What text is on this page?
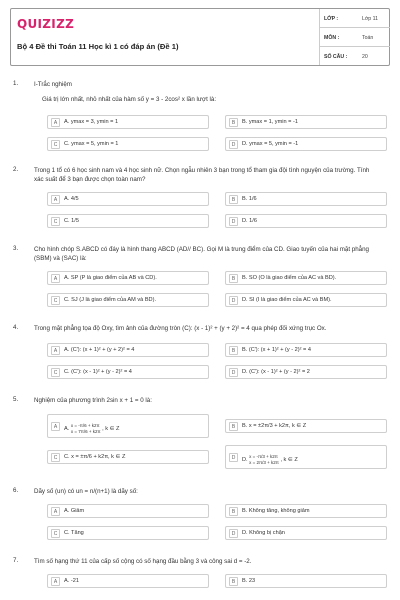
QUIZIZZ
Bộ 4 Đề thi Toán 11 Học kì 1 có đáp án (Đề 1)
LỚP :	Lớp 11
MÔN :	Toán
SỐ CÂU :	20
1.	I-Trắc nghiệm
Giá trị lớn nhất, nhỏ nhất của hàm số y = 3 - 2cos² x lần lượt là:
A	A. ymax = 3, ymin = 1	B	B. ymax = 1, ymin = -1
C	C. ymax = 5, ymin = 1	D	D. ymax = 5, ymin = -1
2.	Trong 1 tổ có 6 học sinh nam và 4 học sinh nữ. Chọn ngẫu nhiên 3 bạn trong tổ tham gia đội tình nguyện của trường. Tính xác suất để 3 bạn được chọn toàn nam?
A	A. 4/5	B	B. 1/6
C	C. 1/5	D	D. 1/6
3.	Cho hình chóp S.ABCD có đáy là hình thang ABCD (AD// BC). Gọi M là trung điểm của CD. Giao tuyến của hai mặt phẳng (SBM) và (SAC) là:
A	A. SP (P là giao điểm của AB và CD).	B	B. SO (O là giao điểm của AC và BD).
C	C. SJ (J là giao điểm của AM và BD).	D	D. SI (I là giao điểm của AC và BM).
4.	Trong mặt phẳng tọa độ Oxy, tìm ảnh của đường tròn (C): (x - 1)² + (y + 2)² = 4 qua phép đối xứng trục Ox.
A	A. (C'): (x + 1)² + (y + 2)² = 4	B	B. (C'): (x + 1)² + (y - 2)² = 4
C	C. (C'): (x - 1)² + (y - 2)² = 4	D	D. (C'): (x - 1)² + (y - 2)² = 2
5.	Nghiệm của phương trình 2sin x + 1 = 0 là:
A	A.
x = -π/6 + k2π
x = 7π/6 + k2π , k ∈ Z	B	B. x = ±2π/3 + k2π, k ∈ Z
C	C. x = ±π/6 + k2π, k ∈ Z	D	D.
x = -π/3 + k2π
x = 2π/3 + k2π , k ∈ Z
6.	Dãy số (un) có un = n/(n+1) là dãy số:
A	A. Giảm	B	B. Không tăng, không giảm
C	C. Tăng	D	D. Không bị chặn
7.	Tìm số hạng thứ 11 của cấp số cộng có số hạng đầu bằng 3 và công sai d = -2.
A	A. -21	B	B. 23
